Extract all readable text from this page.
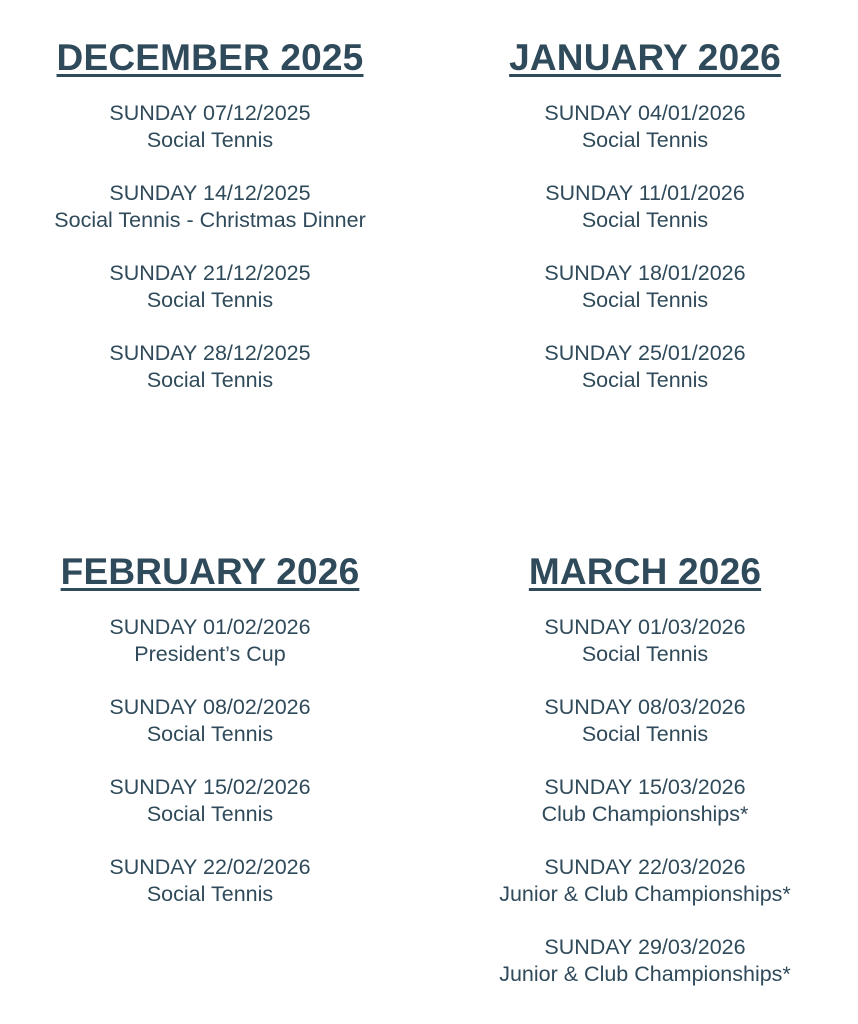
DECEMBER 2025
SUNDAY 07/12/2025
Social Tennis
SUNDAY 14/12/2025
Social Tennis - Christmas Dinner
SUNDAY 21/12/2025
Social Tennis
SUNDAY 28/12/2025
Social Tennis
JANUARY 2026
SUNDAY 04/01/2026
Social Tennis
SUNDAY 11/01/2026
Social Tennis
SUNDAY 18/01/2026
Social Tennis
SUNDAY 25/01/2026
Social Tennis
FEBRUARY 2026
SUNDAY 01/02/2026
President’s Cup
SUNDAY 08/02/2026
Social Tennis
SUNDAY 15/02/2026
Social Tennis
SUNDAY 22/02/2026
Social Tennis
MARCH 2026
SUNDAY 01/03/2026
Social Tennis
SUNDAY 08/03/2026
Social Tennis
SUNDAY 15/03/2026
Club Championships*
SUNDAY 22/03/2026
Junior & Club Championships*
SUNDAY 29/03/2026
Junior & Club Championships*
